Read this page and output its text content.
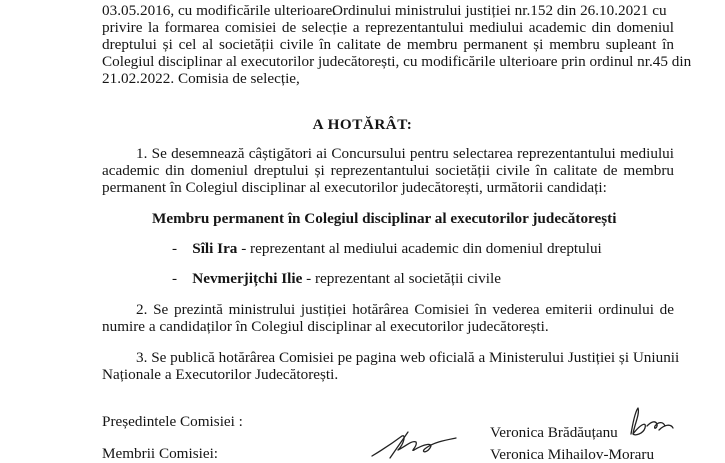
03.05.2016, cu modificările ulterioare.
Ordinului ministrului justiției nr.152 din 26.10.2021 cu
privire la formarea comisiei de selecție a reprezentantului mediului academic din domeniul
dreptului și cel al societății civile în calitate de membru permanent și membru supleant în
Colegiul disciplinar al executorilor judecătorești, cu modificările ulterioare prin ordinul nr.45 din
21.02.2022. Comisia de selecție,
A HOTĂRÂT:
1. Se desemnează câștigători ai Concursului pentru selectarea reprezentantului mediului
academic din domeniul dreptului și reprezentantului societății civile în calitate de membru
permanent în Colegiul disciplinar al executorilor judecătorești, următorii candidați:
Membru permanent în Colegiul disciplinar al executorilor judecătorești
- Sîli Ira - reprezentant al mediului academic din domeniul dreptului
- Nevmerjițchi Ilie - reprezentant al societății civile
2. Se prezintă ministrului justiției hotărârea Comisiei în vederea emiterii ordinului de
numire a candidaților în Colegiul disciplinar al executorilor judecătorești.
3. Se publică hotărârea Comisiei pe pagina web oficială a Ministerului Justiției și Uniunii
Naționale a Executorilor Judecătorești.
Președintele Comisiei :
Veronica Brădăuțanu
Membrii Comisiei:	Veronica Mihailov-Moraru
